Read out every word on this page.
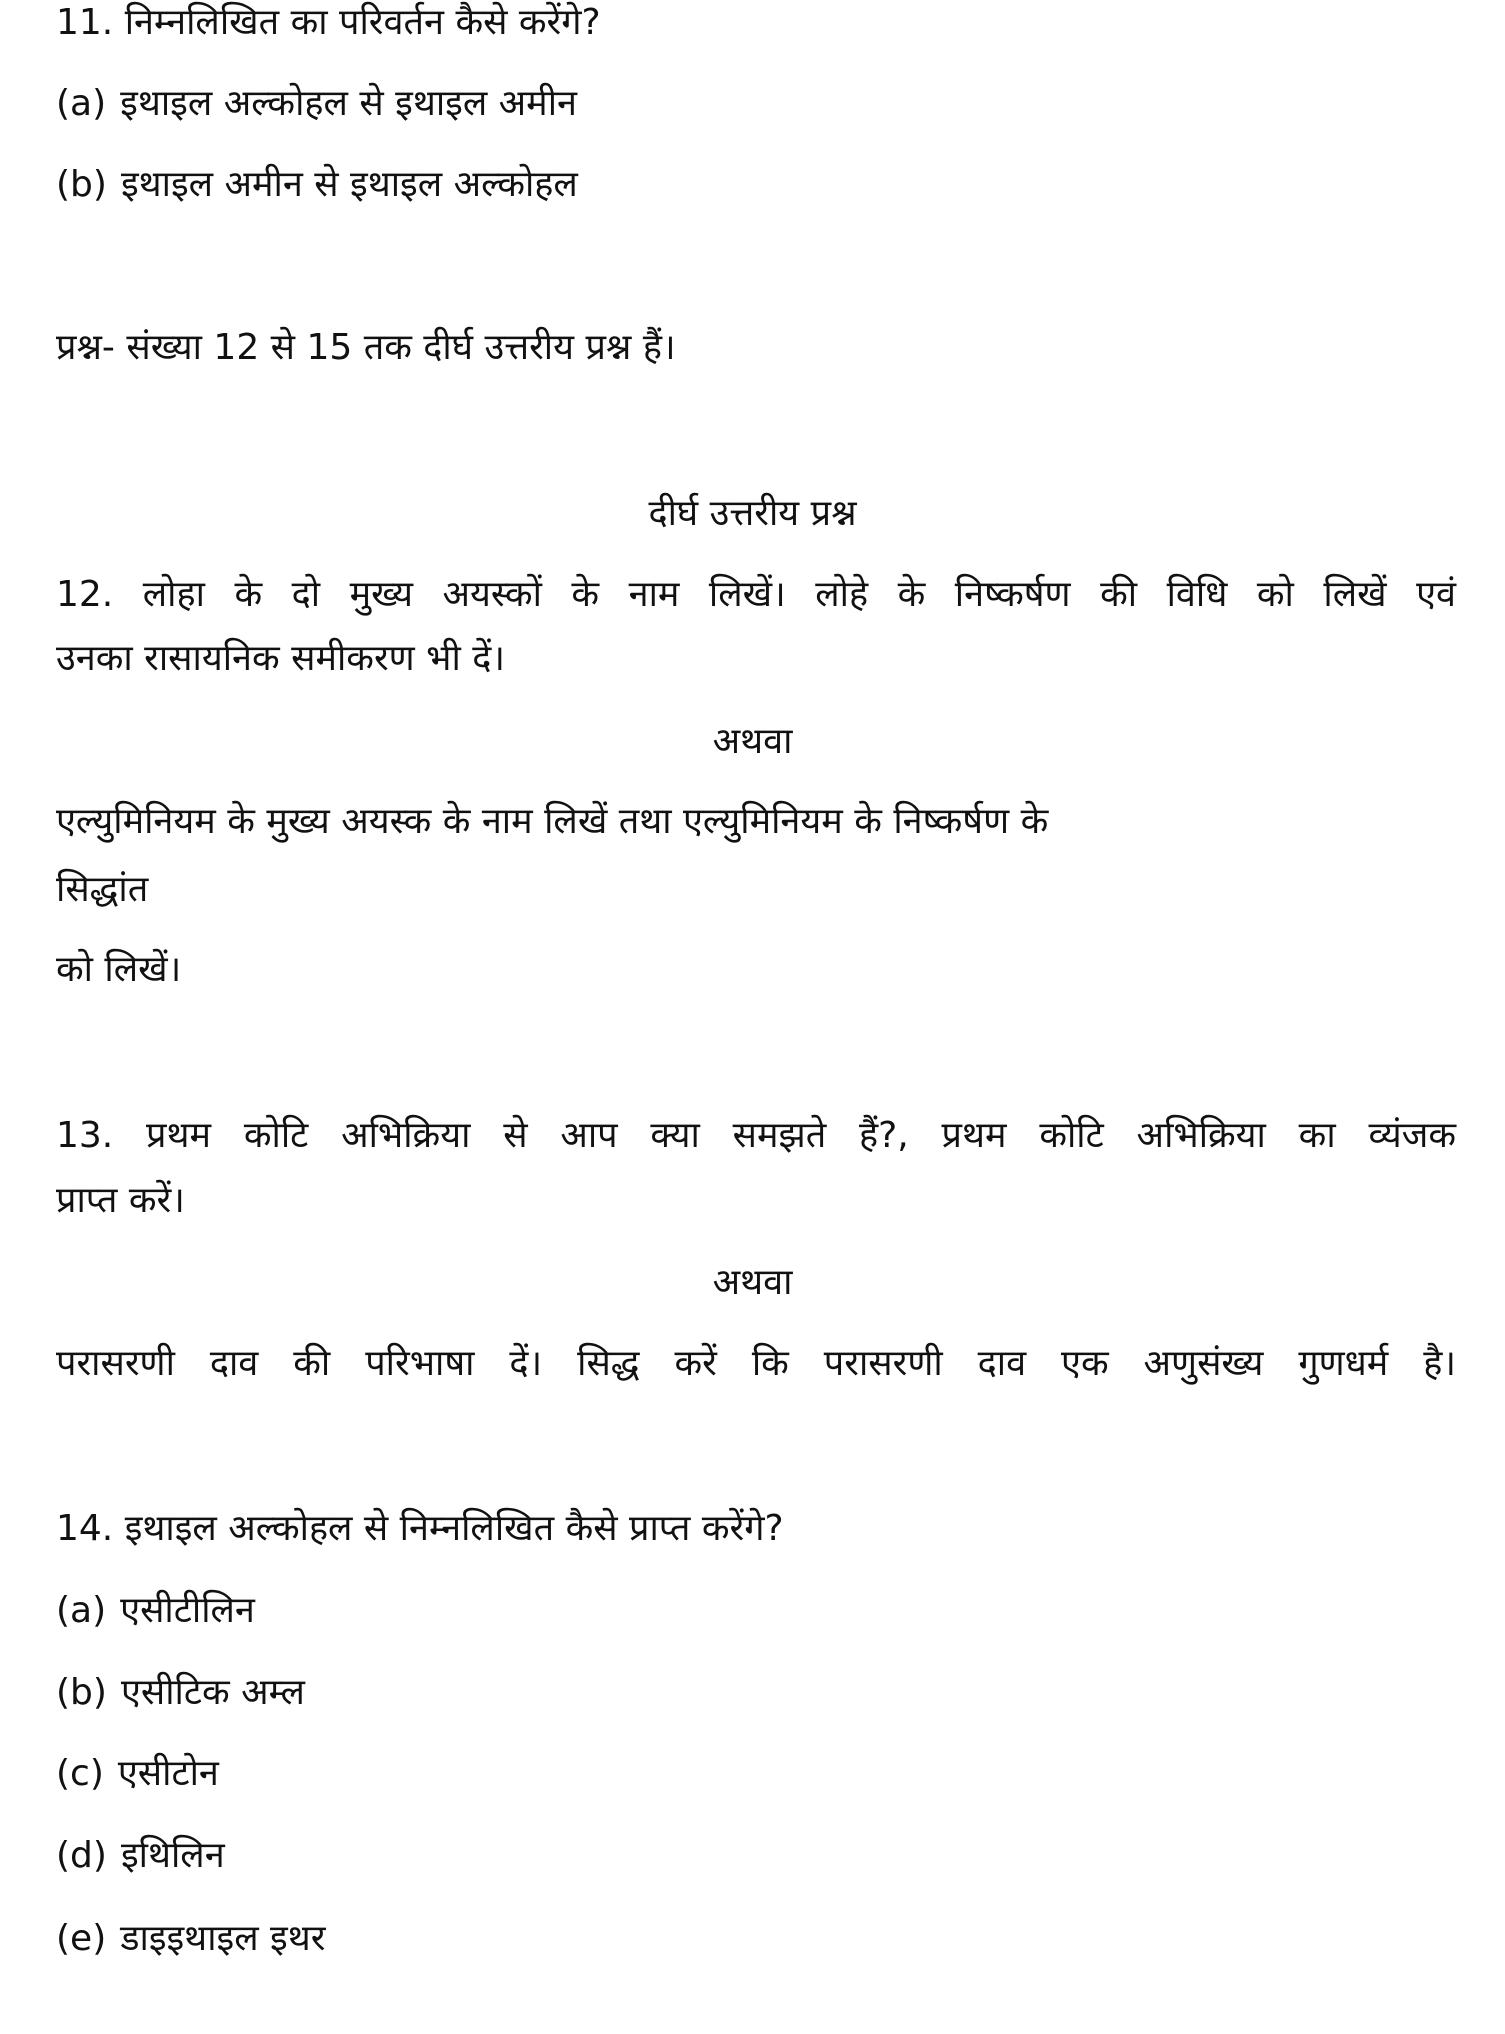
11. निम्नलिखित का परिवर्तन कैसे करेंगे?
(a) इथाइल अल्कोहल से इथाइल अमीन
(b) इथाइल अमीन से इथाइल अल्कोहल
प्रश्न- संख्या 12 से 15 तक दीर्घ उत्तरीय प्रश्न हैं।
दीर्घ उत्तरीय प्रश्न
12. लोहा के दो मुख्य अयस्कों के नाम लिखें। लोहे के निष्कर्षण की विधि को लिखें एवं
उनका रासायनिक समीकरण भी दें।
अथवा
एल्युमिनियम के मुख्य अयस्क के नाम लिखें तथा एल्युमिनियम के निष्कर्षण के
सिद्धांत
को लिखें।
13. प्रथम कोटि अभिक्रिया से आप क्या समझते हैं?, प्रथम कोटि अभिक्रिया का व्यंजक
प्राप्त करें।
अथवा
परासरणी दाव की परिभाषा दें। सिद्ध करें कि परासरणी दाव एक अणुसंख्य गुणधर्म है।
14. इथाइल अल्कोहल से निम्नलिखित कैसे प्राप्त करेंगे?
(a) एसीटीलिन
(b) एसीटिक अम्ल
(c) एसीटोन
(d) इथिलिन
(e) डाइइथाइल इथर
